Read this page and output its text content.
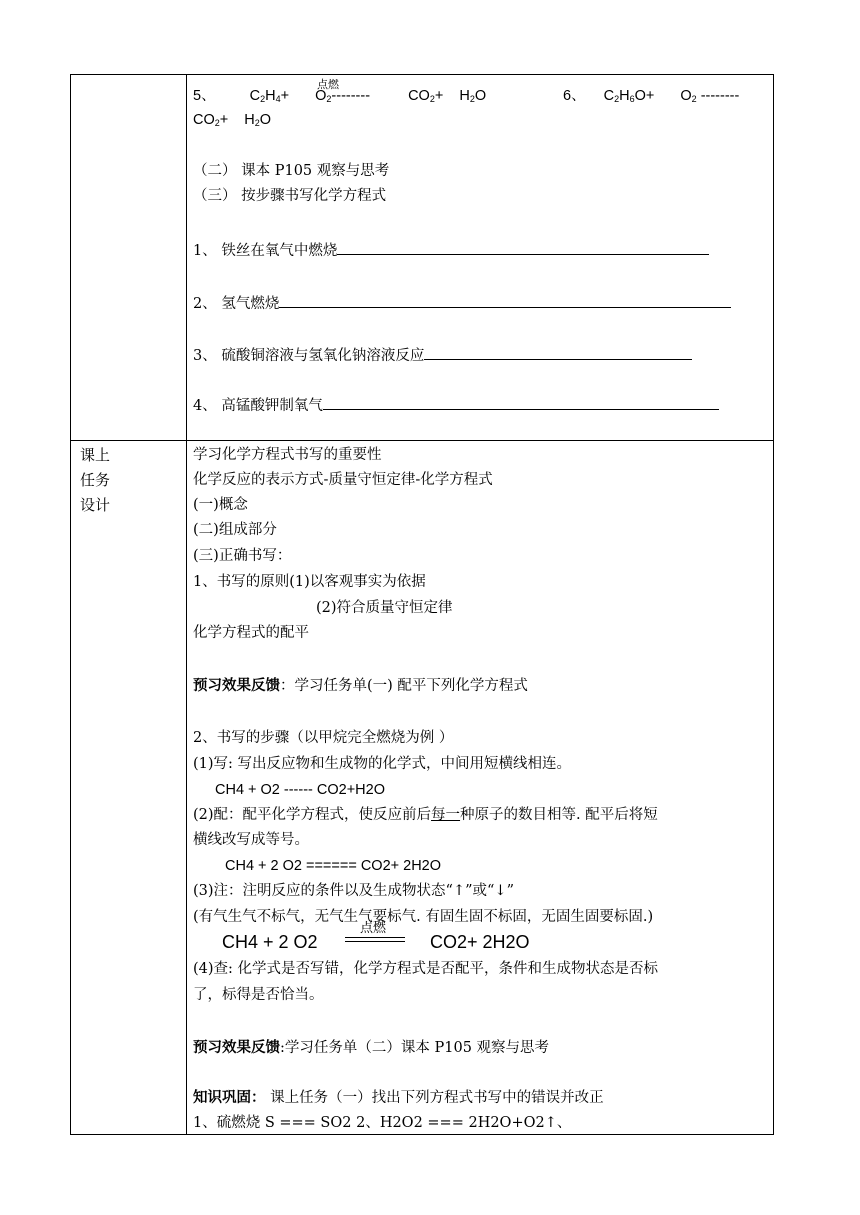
点燃
5、 $C_2H_4+ O_2--------$	$CO_2+ H_2O$	6、 $C_2H_6O+ O_2$ --------
$CO_2+ H_2O$
（二） 课本 P105 观察与思考
（三） 按步骤书写化学方程式
1、 铁丝在氧气中燃烧
2、 氢气燃烧
3、 硫酸铜溶液与氢氧化钠溶液反应
4、 高锰酸钾制氧气
课上
任务
设计
学习化学方程式书写的重要性
化学反应的表示方式-质量守恒定律-化学方程式
(一)概念
(二)组成部分
(三)正确书写：
1、书写的原则(1)以客观事实为依据
(2)符合质量守恒定律
化学方程式的配平
预习效果反馈：学习任务单(一) 配平下列化学方程式
2、书写的步骤（以甲烷完全燃烧为例 ）
(1)写: 写出反应物和生成物的化学式，中间用短横线相连。
CH4 + O2 ------ CO2+H2O
(2)配：配平化学方程式，使反应前后每一种原子的数目相等. 配平后将短
横线改写成等号。
CH4 + 2 O2 ====== CO2+ 2H2O
(3)注：注明反应的条件以及生成物状态“↑”或“↓”
(有气生气不标气，无气生气要标气. 有固生固不标固，无固生固要标固.)
CH4 + 2 O2
点燃
CO2+ 2H2O
(4)查: 化学式是否写错，化学方程式是否配平，条件和生成物状态是否标
了，标得是否恰当。
预习效果反馈:学习任务单（二）课本 P105 观察与思考
知识巩固： 课上任务（一）找出下列方程式书写中的错误并改正
1、硫燃烧 S === SO2 2、H2O2 === 2H2O+O2↑、
